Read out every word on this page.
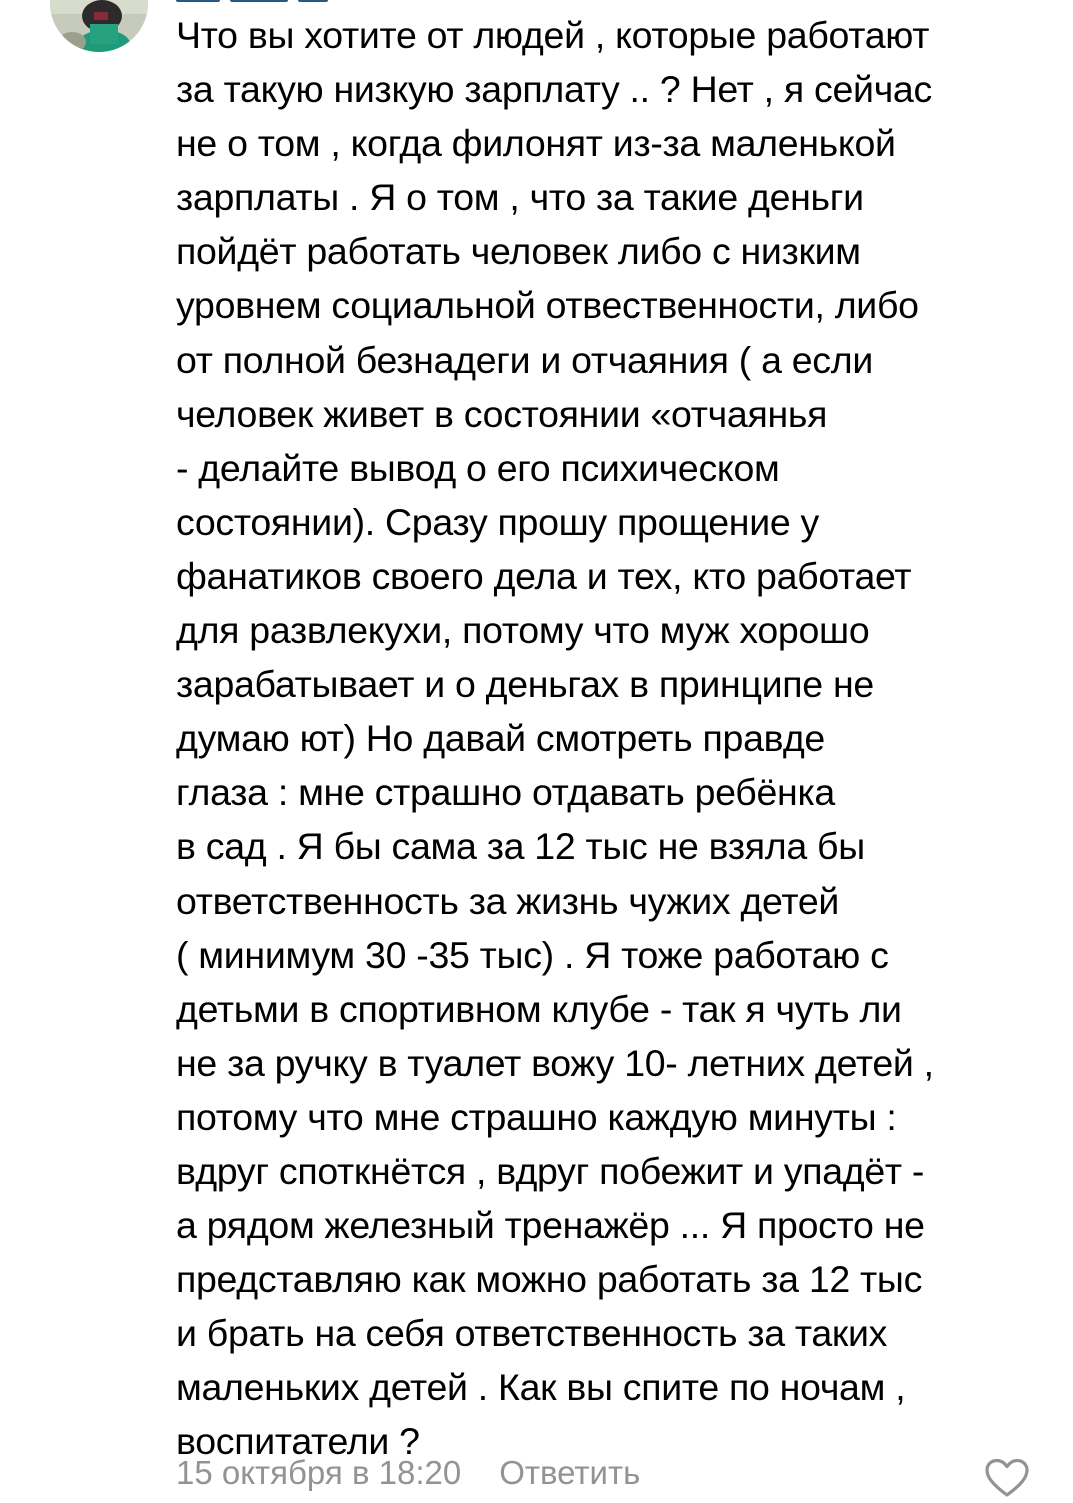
Что вы хотите от людей , которые работают
за такую низкую зарплату .. ? Нет , я сейчас
не о том , когда филонят из-за маленькой
зарплаты . Я о том , что за такие деньги
пойдёт работать человек либо с низким
уровнем социальной отвественности, либо
от полной безнадеги и отчаяния ( а если
человек живет в состоянии «отчаянья
- делайте вывод о его психическом
состоянии). Сразу прошу прощение у
фанатиков своего дела и тех, кто работает
для развлекухи, потому что муж хорошо
зарабатывает и о деньгах в принципе не
думаю ют) Но давай смотреть правде
глаза : мне страшно отдавать ребёнка
в сад . Я бы сама за 12 тыс не взяла бы
ответственность за жизнь чужих детей
( минимум 30 -35 тыс) . Я тоже работаю с
детьми в спортивном клубе - так я чуть ли
не за ручку в туалет вожу 10- летних детей ,
потому что мне страшно каждую минуты :
вдруг споткнётся , вдруг побежит и упадёт -
а рядом железный тренажёр ... Я просто не
представляю как можно работать за 12 тыс
и брать на себя ответственность за таких
маленьких детей . Как вы спите по ночам ,
воспитатели ?

15 октября в 18:20 Ответить
